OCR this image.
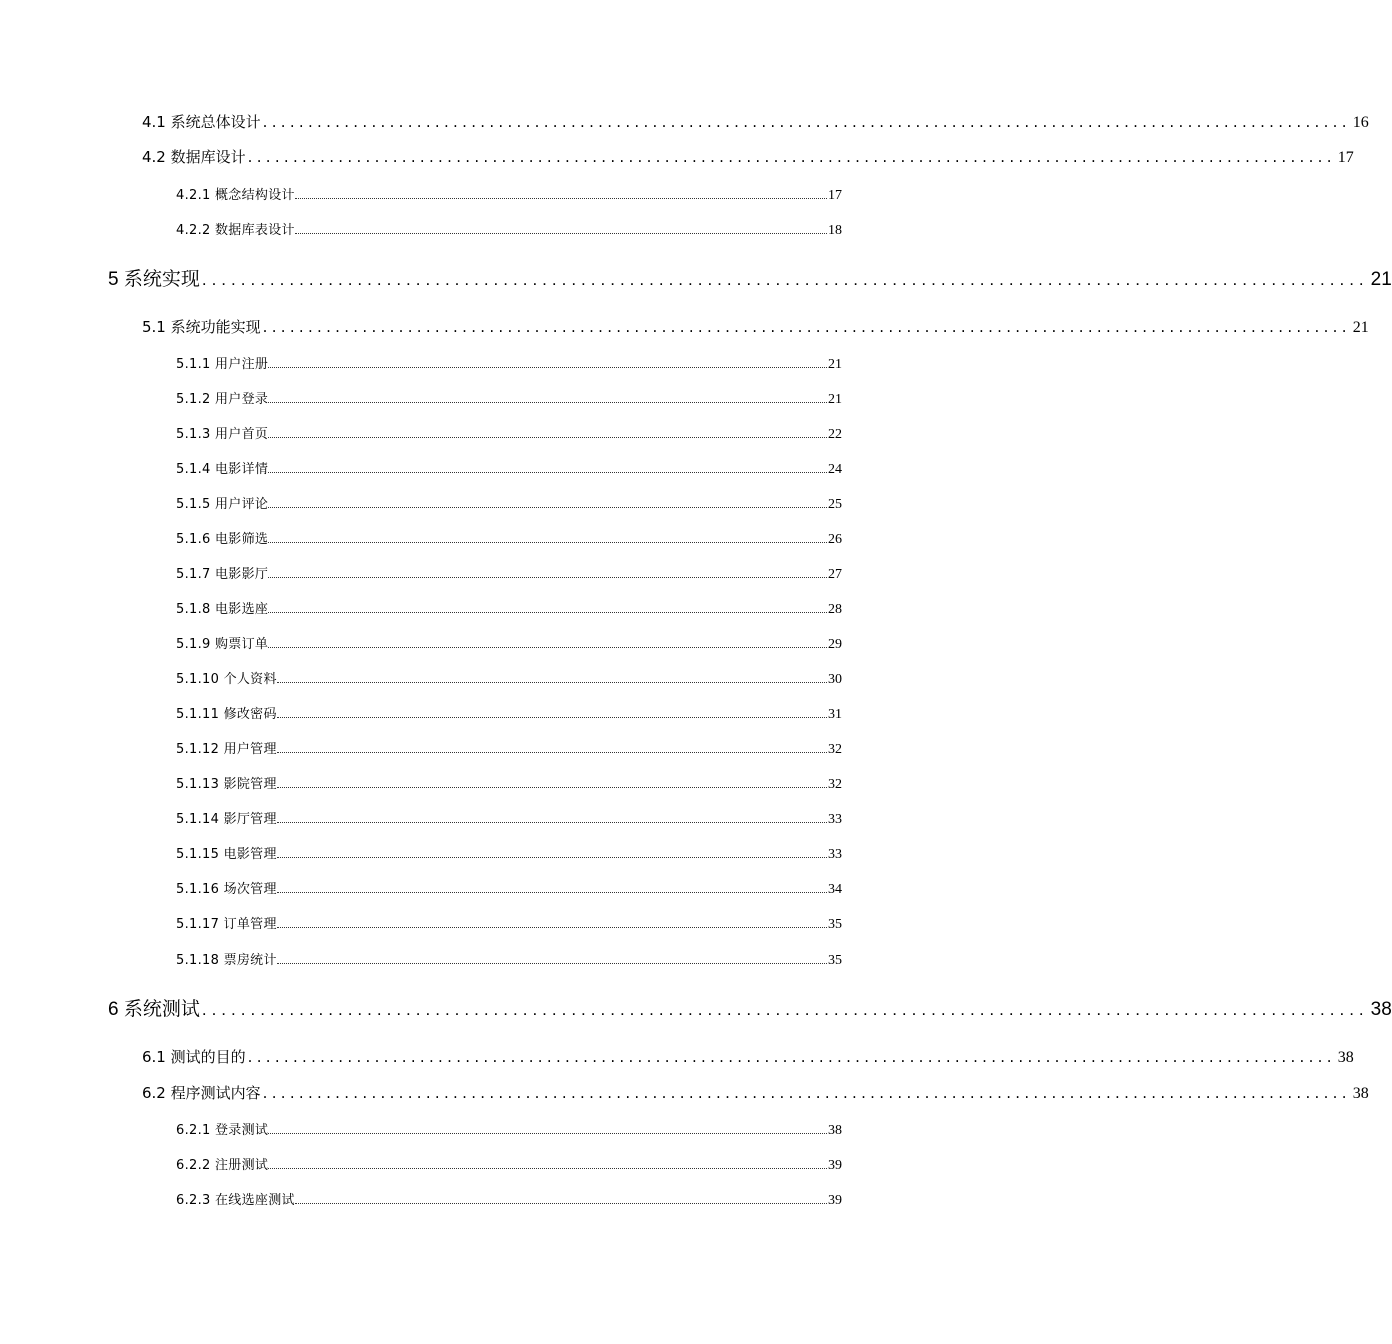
4.1 系统总体设计 ........................................................................................................................ 16
4.2 数据库设计 ........................................................................................................................ 17
4.2.1 概念结构设计	17
4.2.2 数据库表设计	18
5 系统实现 ........................................................................................................................ 21
5.1 系统功能实现 ........................................................................................................................ 21
5.1.1 用户注册	21
5.1.2 用户登录	21
5.1.3 用户首页	22
5.1.4 电影详情	24
5.1.5 用户评论	25
5.1.6 电影筛选	26
5.1.7 电影影厅	27
5.1.8 电影选座	28
5.1.9 购票订单	29
5.1.10 个人资料	30
5.1.11 修改密码	31
5.1.12 用户管理	32
5.1.13 影院管理	32
5.1.14 影厅管理	33
5.1.15 电影管理	33
5.1.16 场次管理	34
5.1.17 订单管理	35
5.1.18 票房统计	35
6 系统测试 ........................................................................................................................ 38
6.1 测试的目的 ........................................................................................................................ 38
6.2 程序测试内容 ........................................................................................................................ 38
6.2.1 登录测试	38
6.2.2 注册测试	39
6.2.3 在线选座测试	39
